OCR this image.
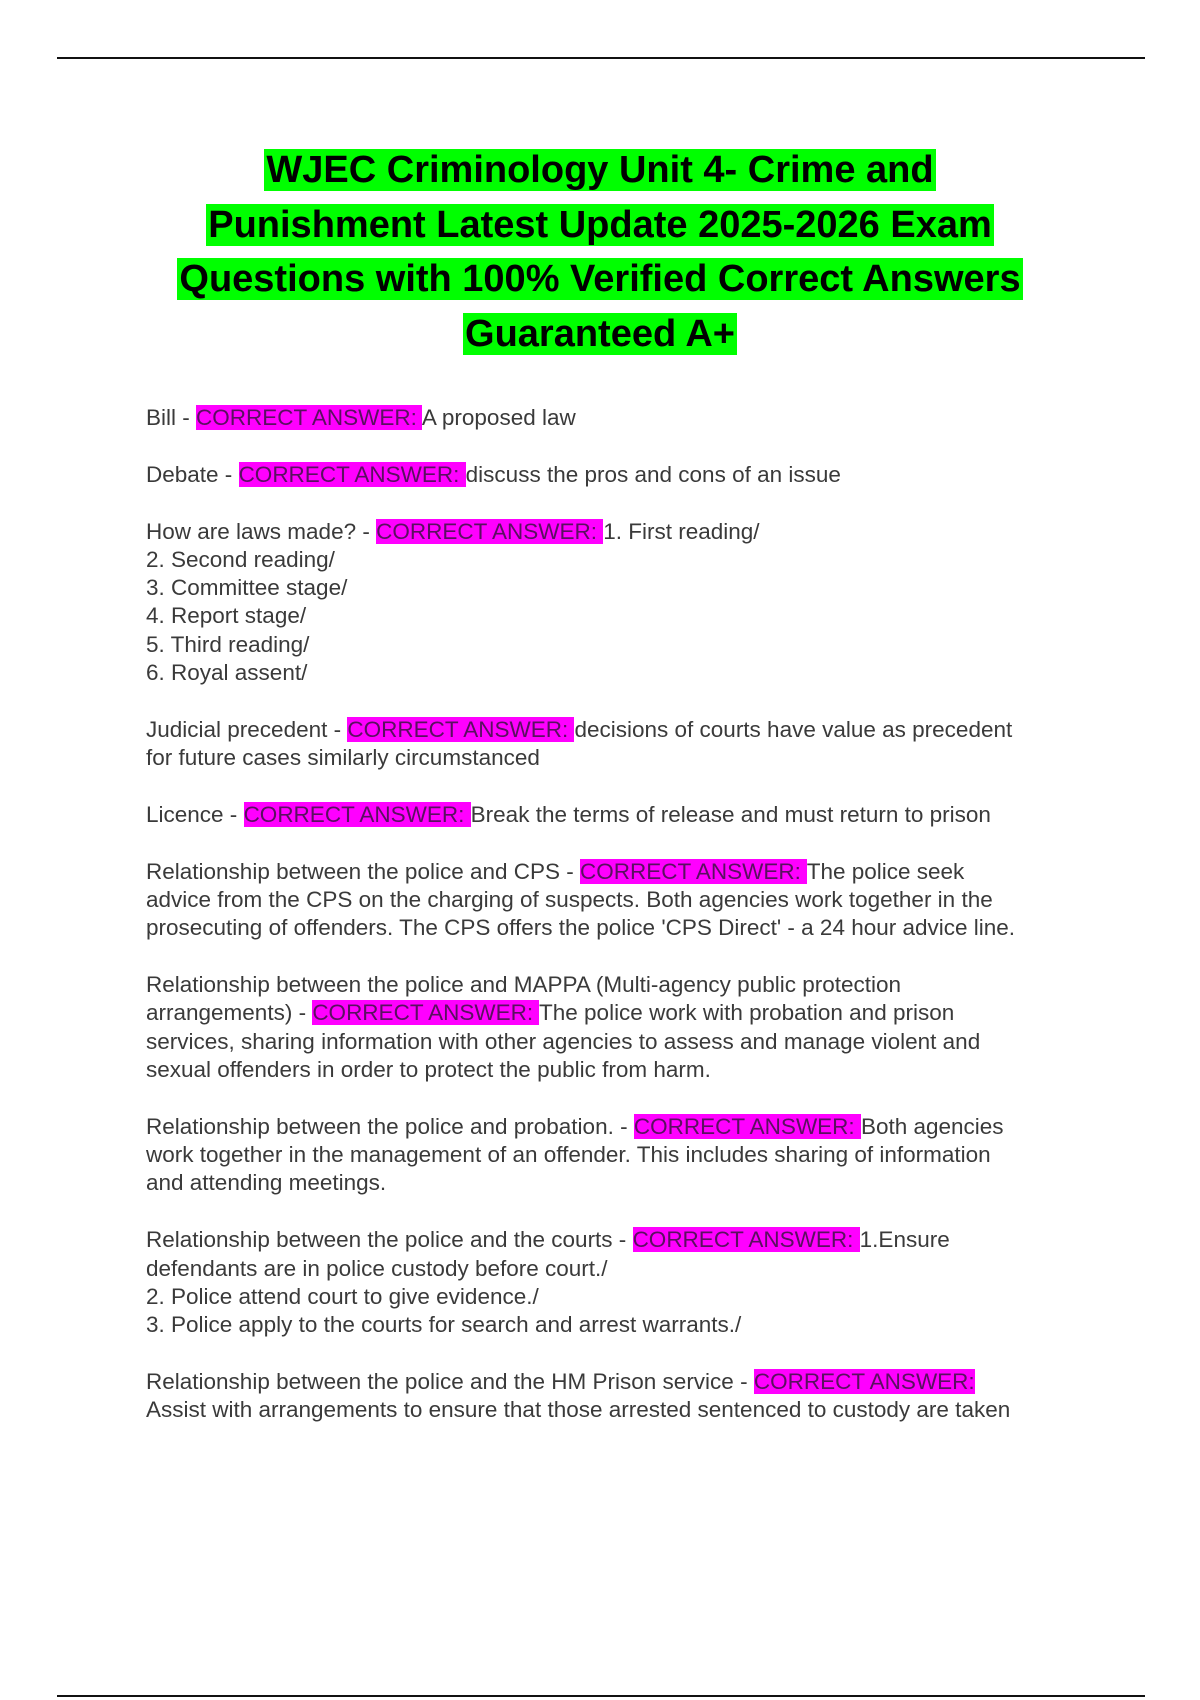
WJEC Criminology Unit 4- Crime and
Punishment Latest Update 2025-2026 Exam
Questions with 100% Verified Correct Answers
Guaranteed A+
Bill - CORRECT ANSWER: A proposed law
Debate - CORRECT ANSWER: discuss the pros and cons of an issue
How are laws made? - CORRECT ANSWER: 1. First reading/
2. Second reading/
3. Committee stage/
4. Report stage/
5. Third reading/
6. Royal assent/
Judicial precedent - CORRECT ANSWER: decisions of courts have value as precedent
for future cases similarly circumstanced
Licence - CORRECT ANSWER: Break the terms of release and must return to prison
Relationship between the police and CPS - CORRECT ANSWER: The police seek
advice from the CPS on the charging of suspects. Both agencies work together in the
prosecuting of offenders. The CPS offers the police 'CPS Direct' - a 24 hour advice line.
Relationship between the police and MAPPA (Multi-agency public protection
arrangements) - CORRECT ANSWER: The police work with probation and prison
services, sharing information with other agencies to assess and manage violent and
sexual offenders in order to protect the public from harm.
Relationship between the police and probation. - CORRECT ANSWER: Both agencies
work together in the management of an offender. This includes sharing of information
and attending meetings.
Relationship between the police and the courts - CORRECT ANSWER: 1.Ensure
defendants are in police custody before court./
2. Police attend court to give evidence./
3. Police apply to the courts for search and arrest warrants./
Relationship between the police and the HM Prison service - CORRECT ANSWER:
Assist with arrangements to ensure that those arrested sentenced to custody are taken
